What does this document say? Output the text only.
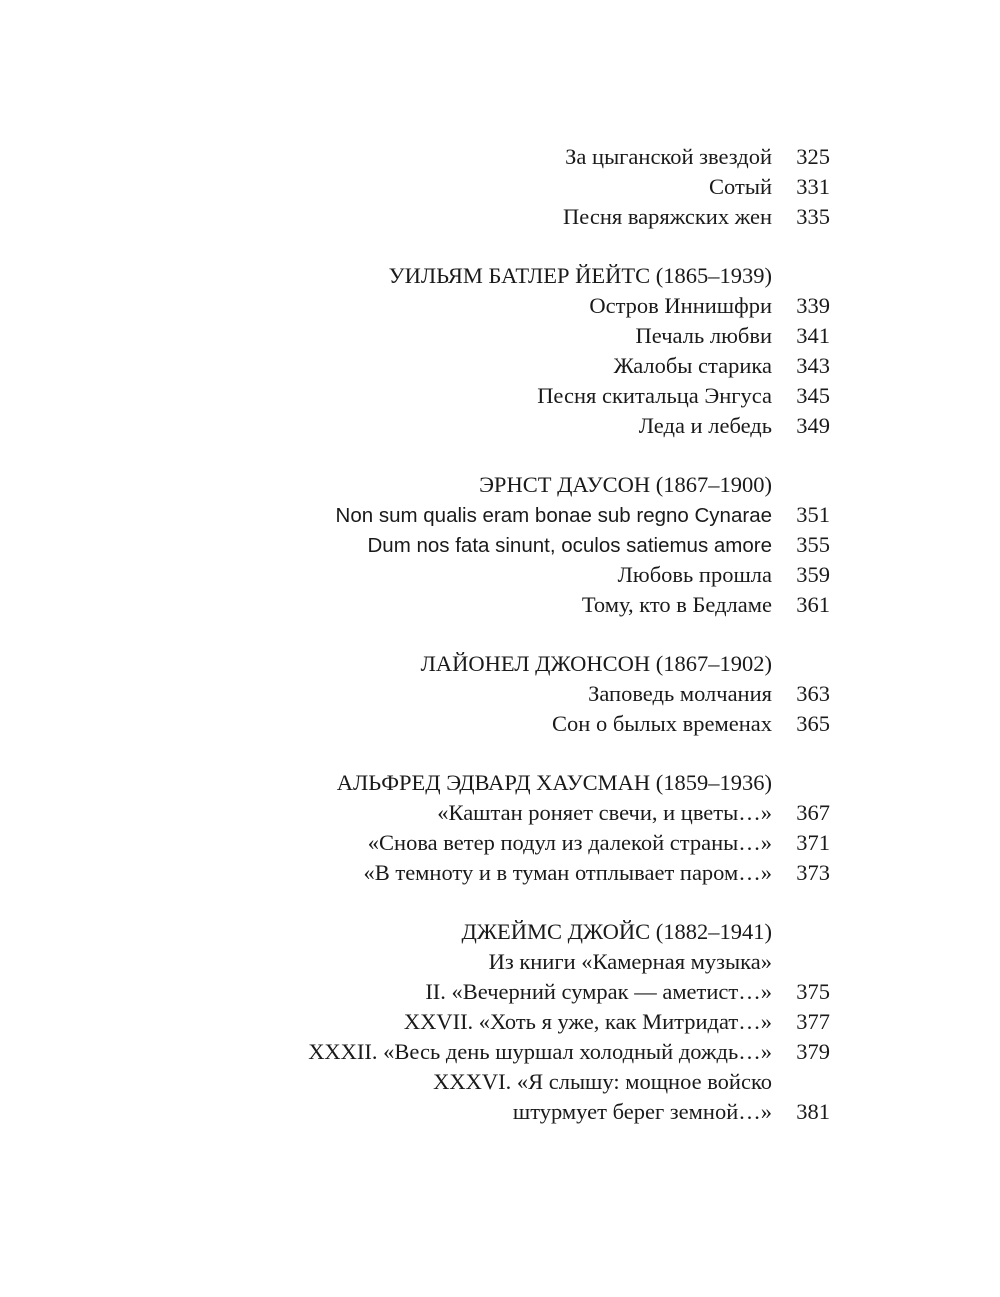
За цыганской звездой	325
Сотый	331
Песня варяжских жен	335
УИЛЬЯМ БАТЛЕР ЙЕЙТС (1865–1939)
Остров Иннишфри	339
Печаль любви	341
Жалобы старика	343
Песня скитальца Энгуса	345
Леда и лебедь	349
ЭРНСТ ДАУСОН (1867–1900)
Non sum qualis eram bonae sub regno Cynarae	351
Dum nos fata sinunt, oculos satiemus amore	355
Любовь прошла	359
Тому, кто в Бедламе	361
ЛАЙОНЕЛ ДЖОНСОН (1867–1902)
Заповедь молчания	363
Сон о былых временах	365
АЛЬФРЕД ЭДВАРД ХАУСМАН (1859–1936)
«Каштан роняет свечи, и цветы…»	367
«Снова ветер подул из далекой страны…»	371
«В темноту и в туман отплывает паром…»	373
ДЖЕЙМС ДЖОЙС (1882–1941)
Из книги «Камерная музыка»
II. «Вечерний сумрак — аметист…»	375
XXVII. «Хоть я уже, как Митридат…»	377
XXXII. «Весь день шуршал холодный дождь…»	379
XXXVI. «Я слышу: мощное войско
штурмует берег земной…»	381
